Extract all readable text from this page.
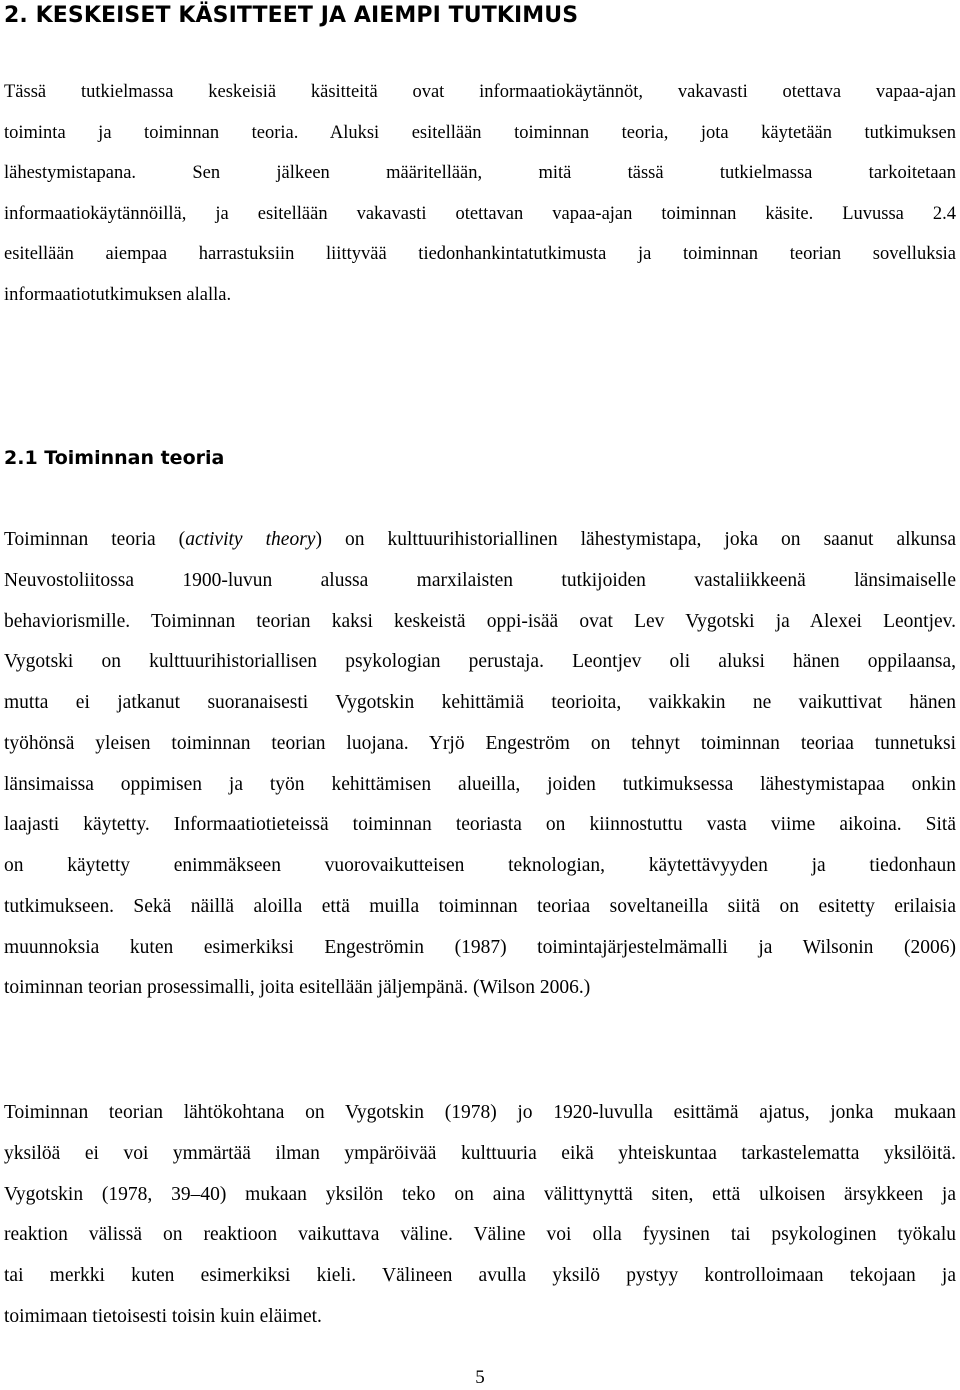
2. KESKEISET KÄSITTEET JA AIEMPI TUTKIMUS
Tässä tutkielmassa keskeisiä käsitteitä ovat informaatiokäytännöt, vakavasti otettava vapaa-ajan
toiminta ja toiminnan teoria. Aluksi esitellään toiminnan teoria, jota käytetään tutkimuksen
lähestymistapana. Sen jälkeen määritellään, mitä tässä tutkielmassa tarkoitetaan
informaatiokäytännöillä, ja esitellään vakavasti otettavan vapaa-ajan toiminnan käsite. Luvussa 2.4
esitellään aiempaa harrastuksiin liittyvää tiedonhankintatutkimusta ja toiminnan teorian sovelluksia
informaatiotutkimuksen alalla.
2.1 Toiminnan teoria
Toiminnan teoria (activity theory) on kulttuurihistoriallinen lähestymistapa, joka on saanut alkunsa
Neuvostoliitossa 1900-luvun alussa marxilaisten tutkijoiden vastaliikkeenä länsimaiselle
behaviorismille. Toiminnan teorian kaksi keskeistä oppi-isää ovat Lev Vygotski ja Alexei Leontjev.
Vygotski on kulttuurihistoriallisen psykologian perustaja. Leontjev oli aluksi hänen oppilaansa,
mutta ei jatkanut suoranaisesti Vygotskin kehittämiä teorioita, vaikkakin ne vaikuttivat hänen
työhönsä yleisen toiminnan teorian luojana. Yrjö Engeström on tehnyt toiminnan teoriaa tunnetuksi
länsimaissa oppimisen ja työn kehittämisen alueilla, joiden tutkimuksessa lähestymistapaa onkin
laajasti käytetty. Informaatiotieteissä toiminnan teoriasta on kiinnostuttu vasta viime aikoina. Sitä
on käytetty enimmäkseen vuorovaikutteisen teknologian, käytettävyyden ja tiedonhaun
tutkimukseen. Sekä näillä aloilla että muilla toiminnan teoriaa soveltaneilla siitä on esitetty erilaisia
muunnoksia kuten esimerkiksi Engeströmin (1987) toimintajärjestelmämalli ja Wilsonin (2006)
toiminnan teorian prosessimalli, joita esitellään jäljempänä. (Wilson 2006.)
Toiminnan teorian lähtökohtana on Vygotskin (1978) jo 1920-luvulla esittämä ajatus, jonka mukaan
yksilöä ei voi ymmärtää ilman ympäröivää kulttuuria eikä yhteiskuntaa tarkastelematta yksilöitä.
Vygotskin (1978, 39–40) mukaan yksilön teko on aina välittynyttä siten, että ulkoisen ärsykkeen ja
reaktion välissä on reaktioon vaikuttava väline. Väline voi olla fyysinen tai psykologinen työkalu
tai merkki kuten esimerkiksi kieli. Välineen avulla yksilö pystyy kontrolloimaan tekojaan ja
toimimaan tietoisesti toisin kuin eläimet.
5
